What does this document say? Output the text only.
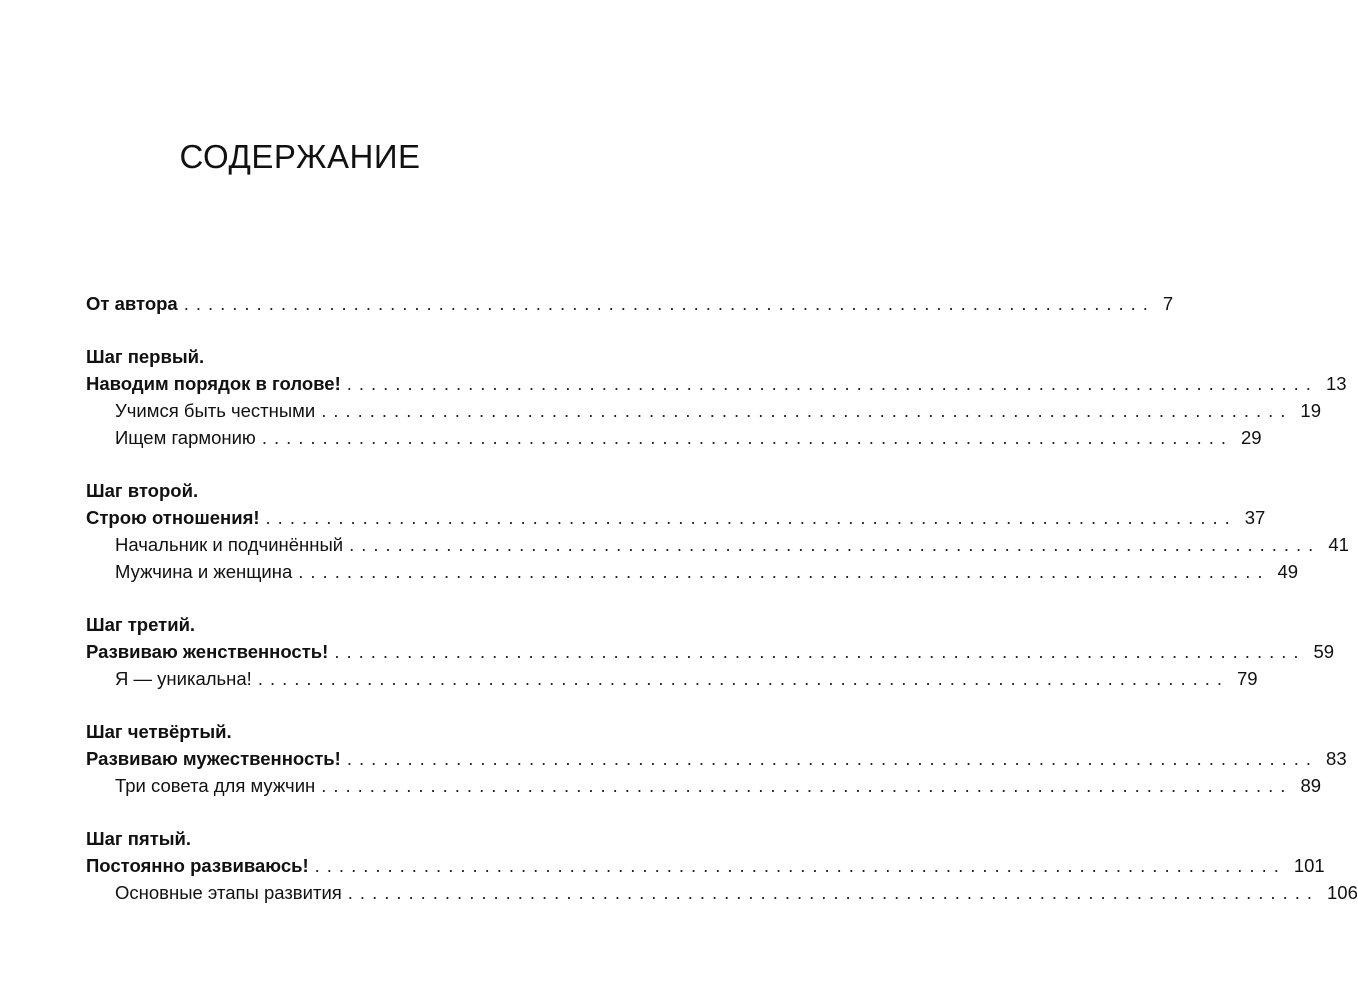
СОДЕРЖАНИЕ
От автора ................................................................................ 7
Шаг первый.
Наводим порядок в голове! ................................................................................ 13
Учимся быть честными ................................................................................ 19
Ищем гармонию ................................................................................ 29
Шаг второй.
Строю отношения! ................................................................................ 37
Начальник и подчинённый ................................................................................ 41
Мужчина и женщина ................................................................................ 49
Шаг третий.
Развиваю женственность! ................................................................................ 59
Я — уникальна! ................................................................................ 79
Шаг четвёртый.
Развиваю мужественность! ................................................................................ 83
Три совета для мужчин ................................................................................ 89
Шаг пятый.
Постоянно развиваюсь! ................................................................................ 101
Основные этапы развития ................................................................................ 106
